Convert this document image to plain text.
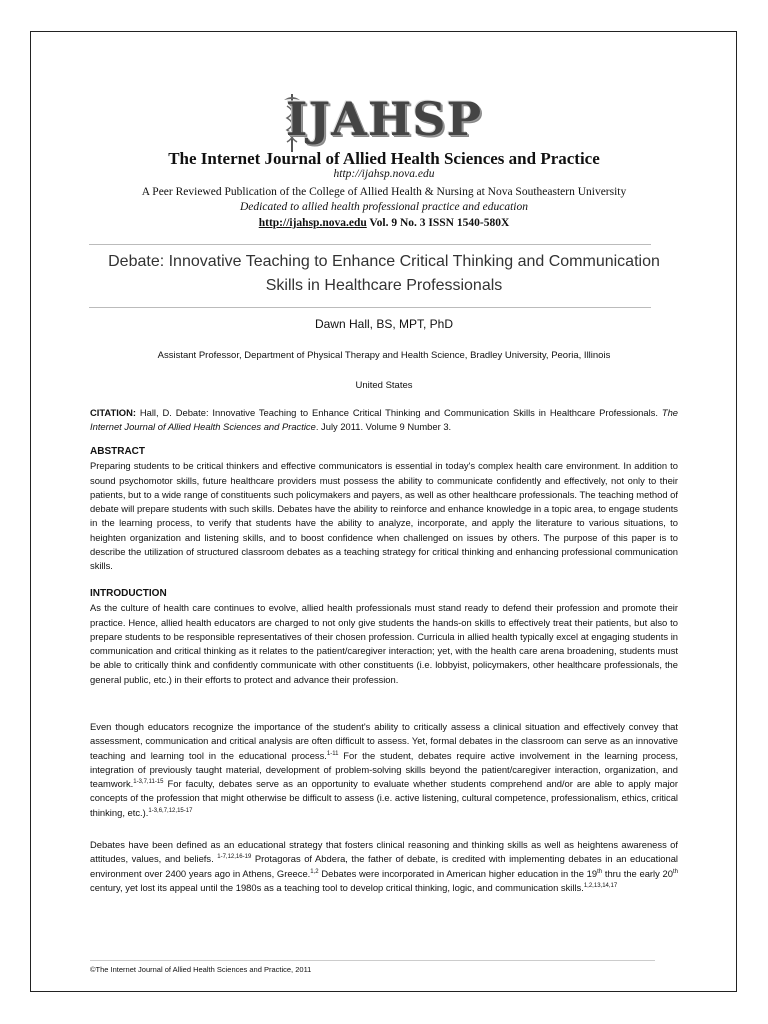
IJAHSP
The Internet Journal of Allied Health Sciences and Practice
http://ijahsp.nova.edu
A Peer Reviewed Publication of the College of Allied Health & Nursing at Nova Southeastern University
Dedicated to allied health professional practice and education
http://ijahsp.nova.edu Vol. 9 No. 3 ISSN 1540-580X
Debate: Innovative Teaching to Enhance Critical Thinking and Communication Skills in Healthcare Professionals
Dawn Hall, BS, MPT, PhD
Assistant Professor, Department of Physical Therapy and Health Science, Bradley University, Peoria, Illinois
United States
CITATION: Hall, D. Debate: Innovative Teaching to Enhance Critical Thinking and Communication Skills in Healthcare Professionals. The Internet Journal of Allied Health Sciences and Practice. July 2011. Volume 9 Number 3.
ABSTRACT
Preparing students to be critical thinkers and effective communicators is essential in today's complex health care environment. In addition to sound psychomotor skills, future healthcare providers must possess the ability to communicate confidently and effectively, not only to their patients, but to a wide range of constituents such policymakers and payers, as well as other healthcare professionals. The teaching method of debate will prepare students with such skills. Debates have the ability to reinforce and enhance knowledge in a topic area, to engage students in the learning process, to verify that students have the ability to analyze, incorporate, and apply the literature to various situations, to heighten organization and listening skills, and to boost confidence when challenged on issues by others. The purpose of this paper is to describe the utilization of structured classroom debates as a teaching strategy for critical thinking and enhancing professional communication skills.
INTRODUCTION
As the culture of health care continues to evolve, allied health professionals must stand ready to defend their profession and promote their practice. Hence, allied health educators are charged to not only give students the hands-on skills to effectively treat their patients, but also to prepare students to be responsible representatives of their chosen profession. Curricula in allied health typically excel at engaging students in communication and critical thinking as it relates to the patient/caregiver interaction; yet, with the health care arena broadening, students must be able to critically think and confidently communicate with other constituents (i.e. lobbyist, policymakers, other healthcare professionals, the general public, etc.) in their efforts to protect and advance their profession.
Even though educators recognize the importance of the student's ability to critically assess a clinical situation and effectively convey that assessment, communication and critical analysis are often difficult to assess. Yet, formal debates in the classroom can serve as an innovative teaching and learning tool in the educational process.$^{1-11}$ For the student, debates require active involvement in the learning process, integration of previously taught material, development of problem-solving skills beyond the patient/caregiver interaction, organization, and teamwork.$^{1-3,7,11-15}$ For faculty, debates serve as an opportunity to evaluate whether students comprehend and/or are able to apply major concepts of the profession that might otherwise be difficult to assess (i.e. active listening, cultural competence, professionalism, ethics, critical thinking, etc.).$^{1-3,6,7,12,15-17}$
Debates have been defined as an educational strategy that fosters clinical reasoning and thinking skills as well as heightens awareness of attitudes, values, and beliefs. $^{1-7,12,16-19}$ Protagoras of Abdera, the father of debate, is credited with implementing debates in an educational environment over 2400 years ago in Athens, Greece.$^{1,2}$ Debates were incorporated in American higher education in the 19th thru the early 20th century, yet lost its appeal until the 1980s as a teaching tool to develop critical thinking, logic, and communication skills.$^{1,2,13,14,17}$
©The Internet Journal of Allied Health Sciences and Practice, 2011
